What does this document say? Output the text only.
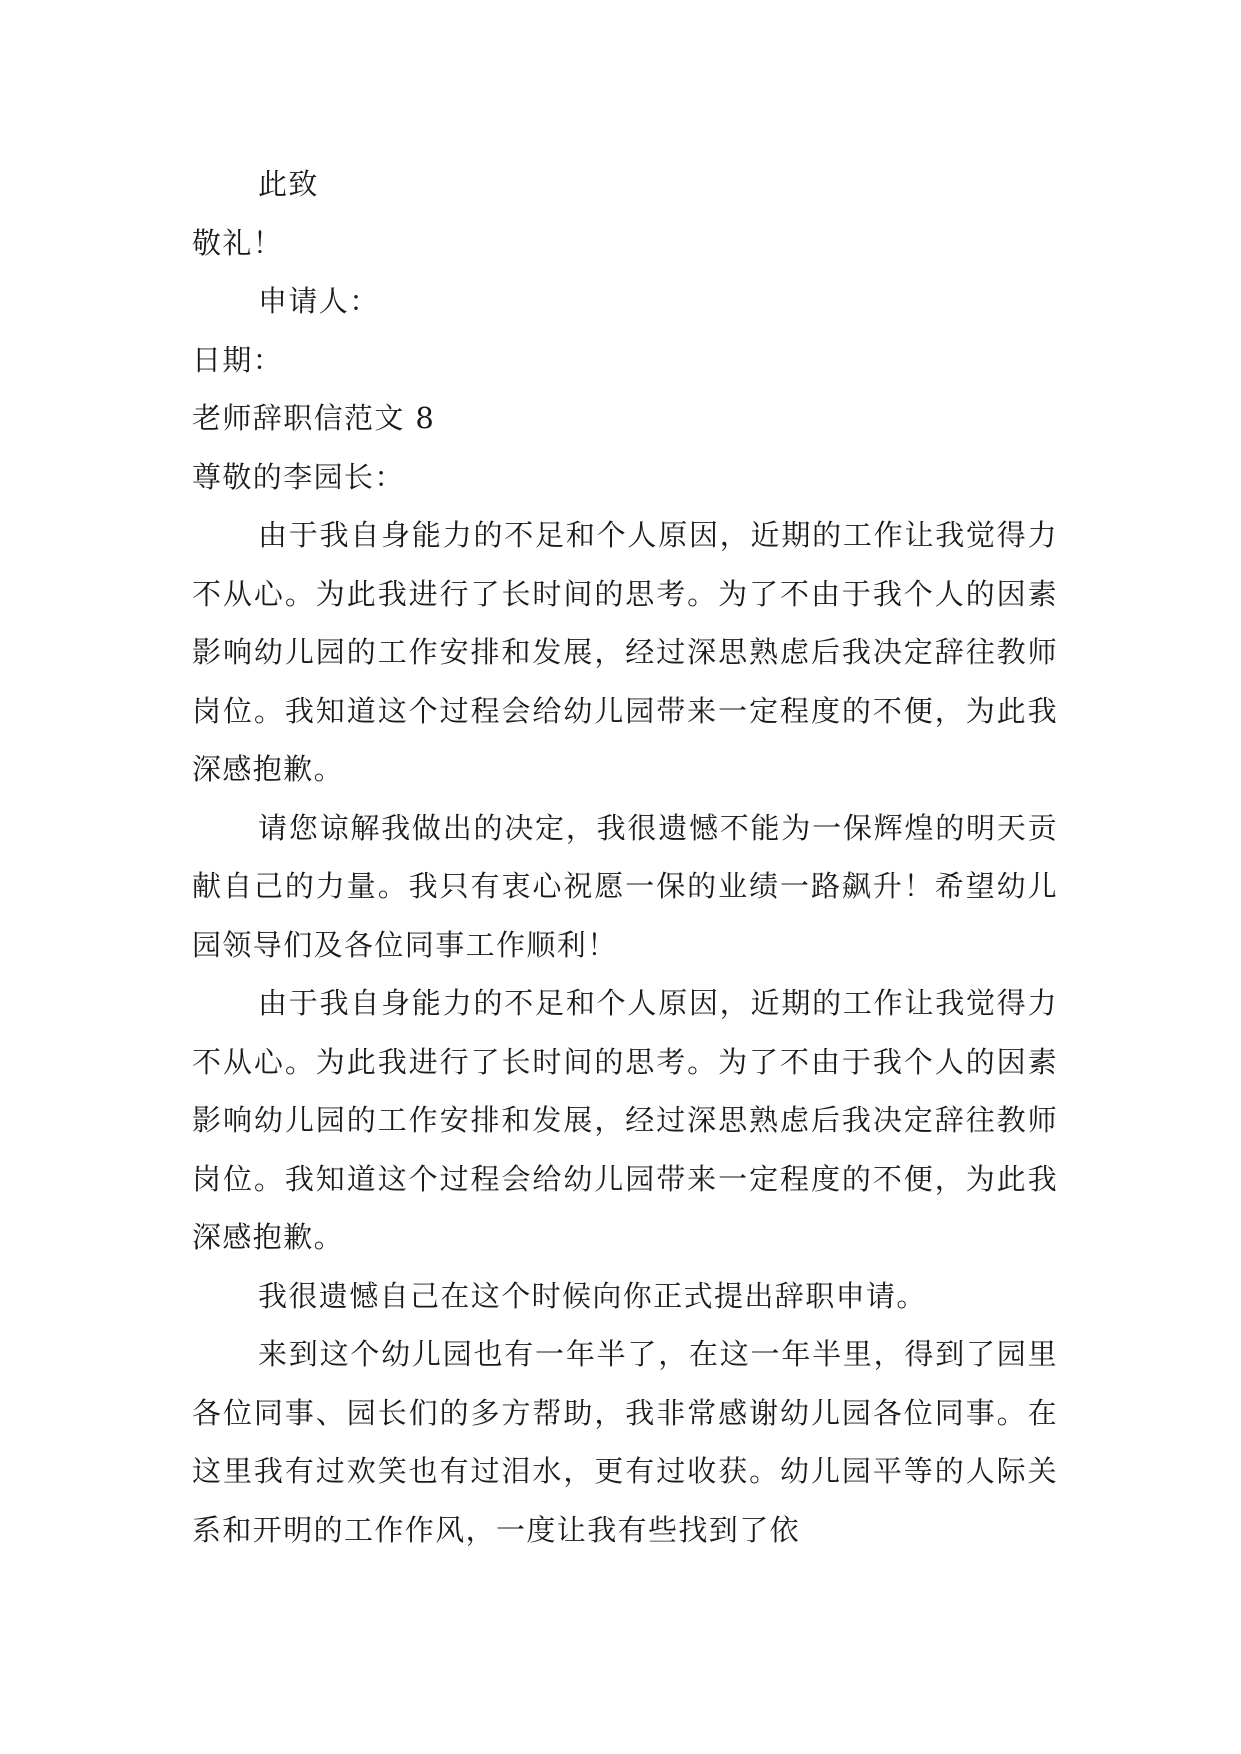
此致
敬礼！
申请人：
日期：
老师辞职信范文 8
尊敬的李园长：

由于我自身能力的不足和个人原因，近期的工作让我觉得力不从心。为此我进行了长时间的思考。为了不由于我个人的因素影响幼儿园的工作安排和发展，经过深思熟虑后我决定辞往教师岗位。我知道这个过程会给幼儿园带来一定程度的不便，为此我深感抱歉。

请您谅解我做出的决定，我很遗憾不能为一保辉煌的明天贡献自己的力量。我只有衷心祝愿一保的业绩一路飙升！希望幼儿园领导们及各位同事工作顺利！

由于我自身能力的不足和个人原因，近期的工作让我觉得力不从心。为此我进行了长时间的思考。为了不由于我个人的因素影响幼儿园的工作安排和发展，经过深思熟虑后我决定辞往教师岗位。我知道这个过程会给幼儿园带来一定程度的不便，为此我深感抱歉。

我很遗憾自己在这个时候向你正式提出辞职申请。

来到这个幼儿园也有一年半了，在这一年半里，得到了园里各位同事、园长们的多方帮助，我非常感谢幼儿园各位同事。在这里我有过欢笑也有过泪水，更有过收获。幼儿园平等的人际关系和开明的工作作风，一度让我有些找到了依
